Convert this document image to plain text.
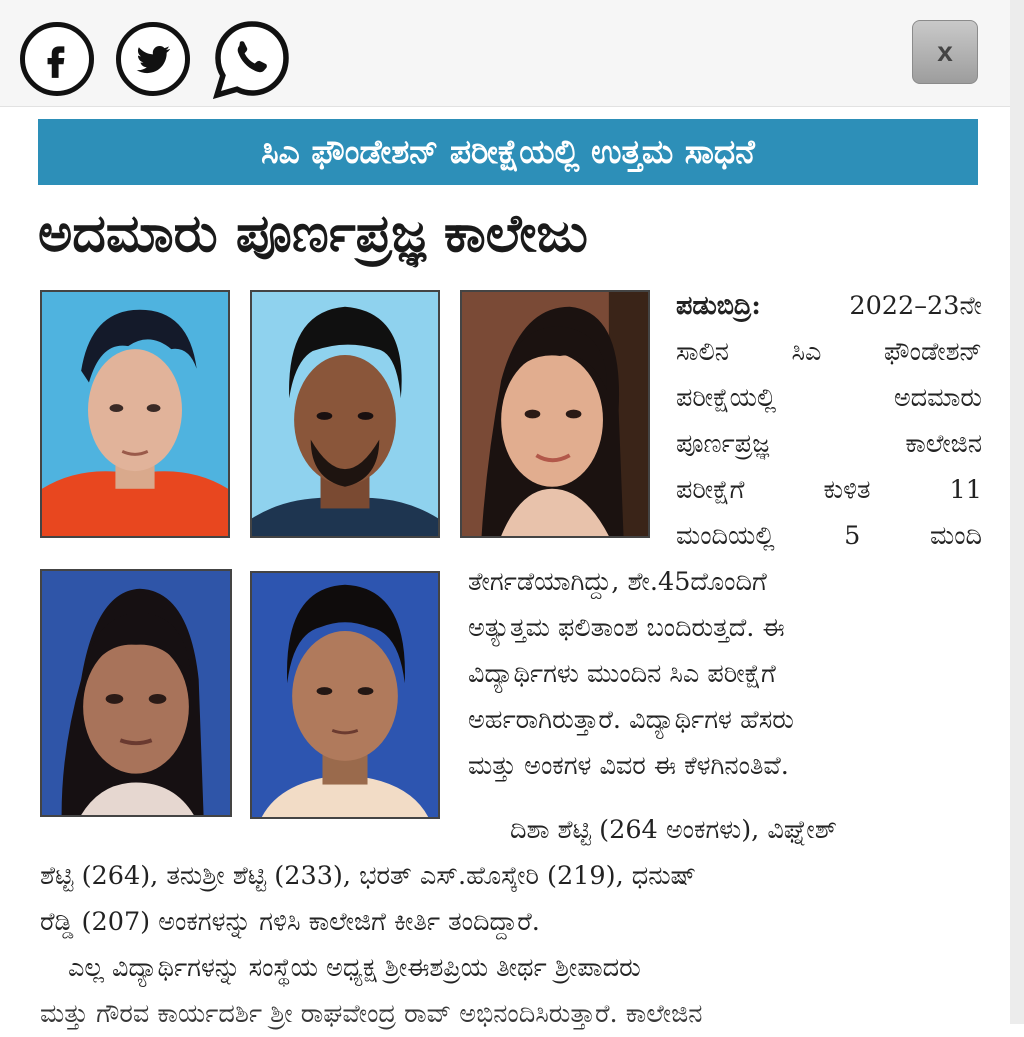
x
ಸಿಎ ಫೌಂಡೇಶನ್ ಪರೀಕ್ಷೆಯಲ್ಲಿ ಉತ್ತಮ ಸಾಧನೆ
ಅದಮಾರು ಪೂರ್ಣಪ್ರಜ್ಞ ಕಾಲೇಜು
ಪಡುಬಿದ್ರಿ: 2022–23ನೇ
ಸಾಲಿನ ಸಿಎ ಫೌಂಡೇಶನ್
ಪರೀಕ್ಷೆಯಲ್ಲಿ ಅದಮಾರು
ಪೂರ್ಣಪ್ರಜ್ಞ ಕಾಲೇಜಿನ
ಪರೀಕ್ಷೆಗೆ ಕುಳಿತ 11
ಮಂದಿಯಲ್ಲಿ 5 ಮಂದಿ
ತೇರ್ಗಡೆಯಾಗಿದ್ದು, ಶೇ.45ದೊಂದಿಗೆ
ಅತ್ಯುತ್ತಮ ಫಲಿತಾಂಶ ಬಂದಿರುತ್ತದೆ. ಈ
ವಿದ್ಯಾರ್ಥಿಗಳು ಮುಂದಿನ ಸಿಎ ಪರೀಕ್ಷೆಗೆ
ಅರ್ಹರಾಗಿರುತ್ತಾರೆ. ವಿದ್ಯಾರ್ಥಿಗಳ ಹೆಸರು
ಮತ್ತು ಅಂಕಗಳ ವಿವರ ಈ ಕೆಳಗಿನಂತಿವೆ.
ದಿಶಾ ಶೆಟ್ಟಿ (264 ಅಂಕಗಳು), ವಿಘ್ನೇಶ್
ಶೆಟ್ಟಿ (264), ತನುಶ್ರೀ ಶೆಟ್ಟಿ (233), ಭರತ್ ಎಸ್.ಹೊಸ್ಕೇರಿ (219), ಧನುಷ್
ರೆಡ್ಡಿ (207) ಅಂಕಗಳನ್ನು ಗಳಿಸಿ ಕಾಲೇಜಿಗೆ ಕೀರ್ತಿ ತಂದಿದ್ದಾರೆ.
ಎಲ್ಲ ವಿದ್ಯಾರ್ಥಿಗಳನ್ನು ಸಂಸ್ಥೆಯ ಅಧ್ಯಕ್ಷ ಶ್ರೀಈಶಪ್ರಿಯ ತೀರ್ಥ ಶ್ರೀಪಾದರು
ಮತ್ತು ಗೌರವ ಕಾರ್ಯದರ್ಶಿ ಶ್ರೀ ರಾಘವೇಂದ್ರ ರಾವ್ ಅಭಿನಂದಿಸಿರುತ್ತಾರೆ. ಕಾಲೇಜಿನ
